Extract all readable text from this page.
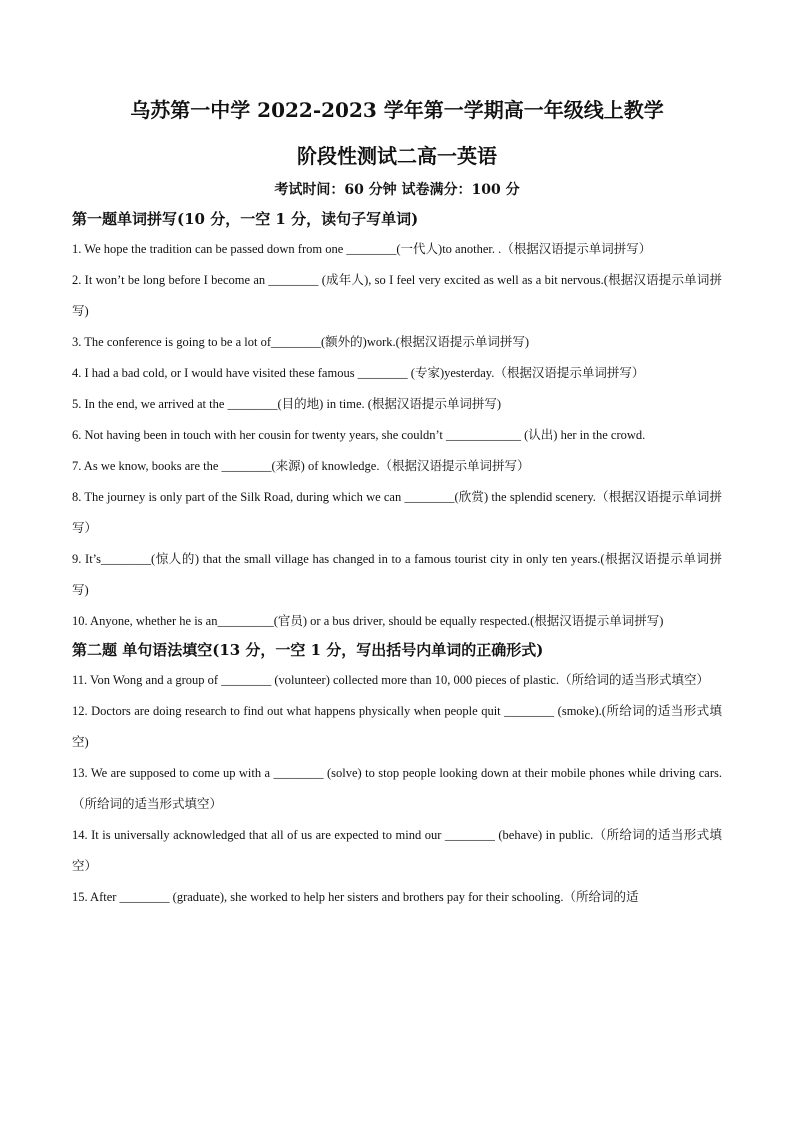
乌苏第一中学 2022-2023 学年第一学期高一年级线上教学
阶段性测试二高一英语

考试时间：60 分钟 试卷满分：100 分

第一题单词拼写(10 分，一空 1 分，读句子写单词)

1. We hope the tradition can be passed down from one ________(一代人)to another. .（根据汉语提示单词拼写）

2. It won’t be long before I become an ________ (成年人), so I feel very excited as well as a bit nervous.(根据汉语提示单词拼写)

3. The conference is going to be a lot of________(额外的)work.(根据汉语提示单词拼写)

4. I had a bad cold, or I would have visited these famous ________ (专家)yesterday.（根据汉语提示单词拼写）

5. In the end, we arrived at the ________(目的地) in time. (根据汉语提示单词拼写)

6. Not having been in touch with her cousin for twenty years, she couldn’t ____________ (认出) her in the crowd.

7. As we know, books are the ________(来源) of knowledge.（根据汉语提示单词拼写）

8. The journey is only part of the Silk Road, during which we can ________(欣赏) the splendid scenery.（根据汉语提示单词拼写）

9. It’s________(惊人的) that the small village has changed in to a famous tourist city in only ten years.(根据汉语提示单词拼写)

10. Anyone, whether he is an_________(官员) or a bus driver, should be equally respected.(根据汉语提示单词拼写)

第二题 单句语法填空(13 分，一空 1 分，写出括号内单词的正确形式)

11. Von Wong and a group of ________ (volunteer) collected more than 10, 000 pieces of plastic.（所给词的适当形式填空）

12. Doctors are doing research to find out what happens physically when people quit ________ (smoke).(所给词的适当形式填空)

13. We are supposed to come up with a ________ (solve) to stop people looking down at their mobile phones while driving cars.（所给词的适当形式填空）

14. It is universally acknowledged that all of us are expected to mind our ________ (behave) in public.（所给词的适当形式填空）

15. After ________ (graduate), she worked to help her sisters and brothers pay for their schooling.（所给词的适
